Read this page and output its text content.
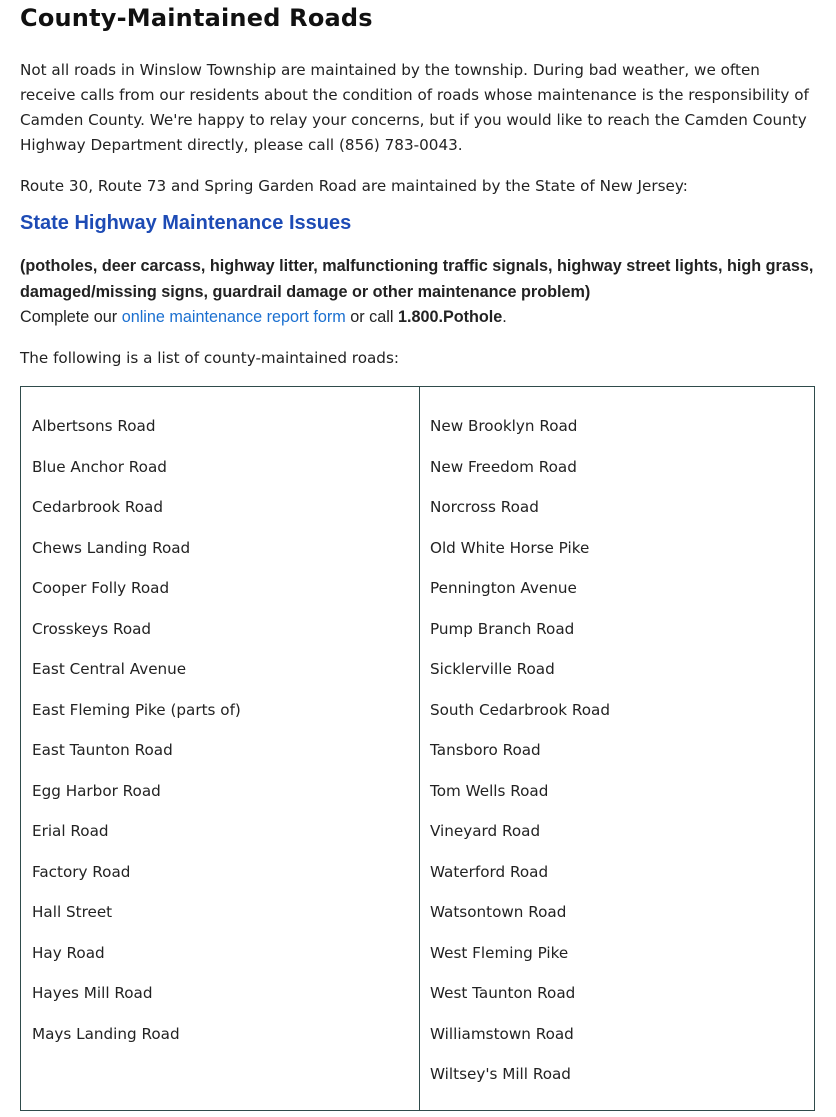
County-Maintained Roads
Not all roads in Winslow Township are maintained by the township. During bad weather, we often receive calls from our residents about the condition of roads whose maintenance is the responsibility of Camden County. We're happy to relay your concerns, but if you would like to reach the Camden County Highway Department directly, please call (856) 783-0043.
Route 30, Route 73 and Spring Garden Road are maintained by the State of New Jersey:
State Highway Maintenance Issues
(potholes, deer carcass, highway litter, malfunctioning traffic signals, highway street lights, high grass, damaged/missing signs, guardrail damage or other maintenance problem)
Complete our online maintenance report form or call 1.800.Pothole.
The following is a list of county-maintained roads:
Albertsons Road
Blue Anchor Road
Cedarbrook Road
Chews Landing Road
Cooper Folly Road
Crosskeys Road
East Central Avenue
East Fleming Pike (parts of)
East Taunton Road
Egg Harbor Road
Erial Road
Factory Road
Hall Street
Hay Road
Hayes Mill Road
Mays Landing Road
New Brooklyn Road
New Freedom Road
Norcross Road
Old White Horse Pike
Pennington Avenue
Pump Branch Road
Sicklerville Road
South Cedarbrook Road
Tansboro Road
Tom Wells Road
Vineyard Road
Waterford Road
Watsontown Road
West Fleming Pike
West Taunton Road
Williamstown Road
Wiltsey's Mill Road
